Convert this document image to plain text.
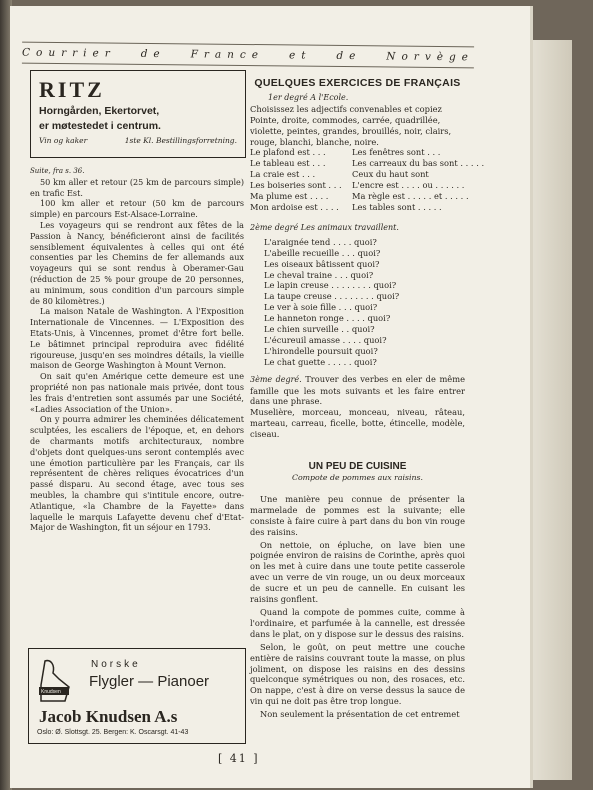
Courrier de France et de Norvège
RITZ
Horngården, Ekertorvet,
er møtestedet i centrum.
Vin og kaker	1ste Kl. Bestillingsforretning.

Suite, fra s. 36.

50 km aller et retour (25 km de parcours simple) en trafic Est.

100 km aller et retour (50 km de parcours simple) en parcours Est-Alsace-Lorraine.

Les voyageurs qui se rendront aux fêtes de la Passion à Nancy, bénéficieront ainsi de facilités sensiblement équivalentes à celles qui ont été consenties par les Chemins de fer allemands aux voyageurs qui se sont rendus à Oberamer-Gau (réduction de 25 % pour groupe de 20 personnes, au minimum, sous condition d'un parcours simple de 80 kilomètres.)

La maison Natale de Washington. A l'Exposition Internationale de Vincennes. — L'Exposition des Etats-Unis, à Vincennes, promet d'être fort belle. Le bâtimnet principal reproduira avec fidélité rigoureuse, jusqu'en ses moindres détails, la vieille maison de George Washington à Mount Vernon.

On sait qu'en Amérique cette demeure est une propriété non pas nationale mais privée, dont tous les frais d'entretien sont assumés par une Société, «Ladies Association of the Union».

On y pourra admirer les cheminées délicatement sculptées, les escaliers de l'époque, et, en dehors de charmants motifs architecturaux, nombre d'objets dont quelques-uns seront contemplés avec une émotion particulière par les Français, car ils représentent de chères reliques évocatrices d'un passé disparu. Au second étage, avec tous ses meubles, la chambre qui s'intitule encore, outre-Atlantique, «la Chambre de la Fayette» dans laquelle le marquis Lafayette devenu chef d'Etat-Major de Washington, fit un séjour en 1793.

QUELQUES EXERCICES DE FRANÇAIS
1er degré A l'Ecole.
Choisissez les adjectifs convenables et copiez
Pointe, droite, commodes, carrée, quadrillée, violette, peintes, grandes, brouillés, noir, clairs, rouge, blanchi, blanche, noire.
Le plafond est . . .	Les fenêtres sont . . .
Le tableau est . . .	Les carreaux du bas sont . . . . .
La craie est . . .	Ceux du haut sont
Les boiseries sont . . .	L'encre est . . . . ou . . . . . .
Ma plume est . . . .	Ma règle est . . . . . et . . . . .
Mon ardoise est . . . .	Les tables sont . . . . .
2ème degré Les animaux travaillent.
L'araignée tend . . . . quoi?
L'abeille recueille . . . quoi?
Les oiseaux bâtissent quoi?
Le cheval traine . . . quoi?
Le lapin creuse . . . . . . . . quoi?
La taupe creuse . . . . . . . . quoi?
Le ver à soie fille . . . quoi?
Le hanneton ronge . . . . quoi?
Le chien surveille . . quoi?
L'écureuil amasse . . . . quoi?
L'hirondelle poursuit quoi?
Le chat guette . . . . . quoi?
3ème degré. Trouver des verbes en eler de même famille que les mots suivants et les faire entrer dans une phrase.
Muselière, morceau, monceau, niveau, râteau, marteau, carreau, ficelle, botte, étincelle, modèle, ciseau.
UN PEU DE CUISINE
Compote de pommes aux raisins.

Une manière peu connue de présenter la marmelade de pommes est la suivante; elle consiste à faire cuire à part dans du bon vin rouge des raisins.

On nettoie, on épluche, on lave bien une poignée environ de raisins de Corinthe, après quoi on les met à cuire dans une toute petite casserole avec un verre de vin rouge, un ou deux morceaux de sucre et un peu de cannelle. En cuisant les raisins gonflent.

Quand la compote de pommes cuite, comme à l'ordinaire, et parfumée à la cannelle, est dressée dans le plat, on y dispose sur le dessus des raisins.

Selon, le goût, on peut mettre une couche entière de raisins couvrant toute la masse, on plus joliment, on dispose les raisins en des dessins quelconque symétriques ou non, des rosaces, etc. On nappe, c'est à dire on verse dessus la sauce de vin qui ne doit pas être trop longue.

Non seulement la présentation de cet entremet

Knudsen
Norske
Flygler — Pianoer
Jacob Knudsen A.s
Oslo: Ø. Slottsgt. 25. Bergen: K. Oscarsgt. 41-43
[ 41 ]
